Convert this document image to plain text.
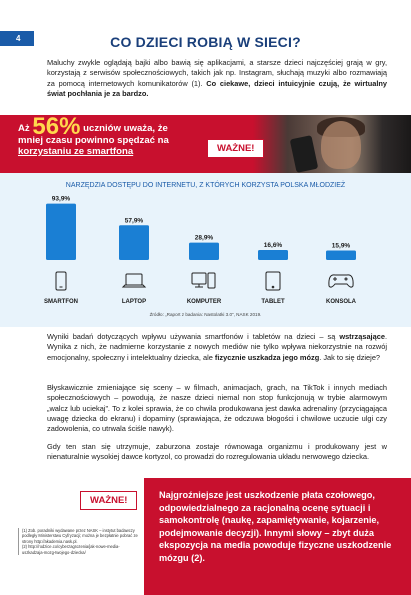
4	CO DZIECI ROBIĄ W SIECI?

Maluchy zwykle oglądają bajki albo bawią się aplikacjami, a starsze dzieci najczęściej grają w gry, korzystają z serwisów społecznościowych, takich jak np. Instagram, słuchają muzyki albo rozmawiają za pomocą internetowych komunikatorów (1). Co ciekawe, dzieci intuicyjnie czują, że wirtualny świat pochłania je za bardzo.

Aż 56% uczniów uważa, że
mniej czasu powinno spędzać na
korzystaniu ze smartfona	WAŻNE!
NARZĘDZIA DOSTĘPU DO INTERNETU, Z KTÓRYCH KORZYSTA POLSKA MŁODZIEŻ
93,9%
SMARTFON
57,9%
LAPTOP
28,9%
KOMPUTER
16,6%
TABLET
15,9%
KONSOLA
Źródło: „Raport z badania: Nastolatki 3.0”, NASK 2019.

Wyniki badań dotyczących wpływu używania smartfonów i tabletów na dzieci – są wstrząsające. Wynika z nich, że nadmierne korzystanie z nowych mediów nie tylko wpływa niekorzystnie na rozwój emocjonalny, społeczny i intelektualny dziecka, ale fizycznie uszkadza jego mózg. Jak to się dzieje?

Błyskawicznie zmieniające się sceny – w filmach, animacjach, grach, na TikTok i innych mediach społecznościowych – powodują, że nasze dzieci niemal non stop funkcjonują w trybie alarmowym „walcz lub uciekaj”. To z kolei sprawia, że co chwila produkowana jest dawka adrenaliny (przyciągająca uwagę dziecka do ekranu) i dopaminy (sprawiająca, że odczuwa błogości i chwilowe uczucie ulgi czy zadowolenia, co utrwala ściśle nawyk).

Gdy ten stan się utrzymuje, zaburzona zostaje równowaga organizmu i produkowany jest w nienaturalnie wysokiej dawce kortyzol, co prowadzi do rozregulowania układu nerwowego dziecka.

WAŻNE!	Najgroźniejsze jest uszkodzenie płata czołowego, odpowiedzialnego za racjonalną ocenę sytuacji i samokontrolę (naukę, zapamiętywanie, kojarzenie, podejmowanie decyzji). Innymi słowy – zbyt duża ekspozycja na media powoduje fizyczne uszkodzenie mózgu (2).
(1) Zob. poradniki wydawane przez NASK – instytut badawczy podległy Ministerstwu Cyfryzacji; można je bezpłatnie pobrać ze strony http://akademia.nask.pl.
(2) http://rodzice.co/cyberzagrozenia/jak-nowe-media-uszkadzaja-mozg-twojego-dziecka/
